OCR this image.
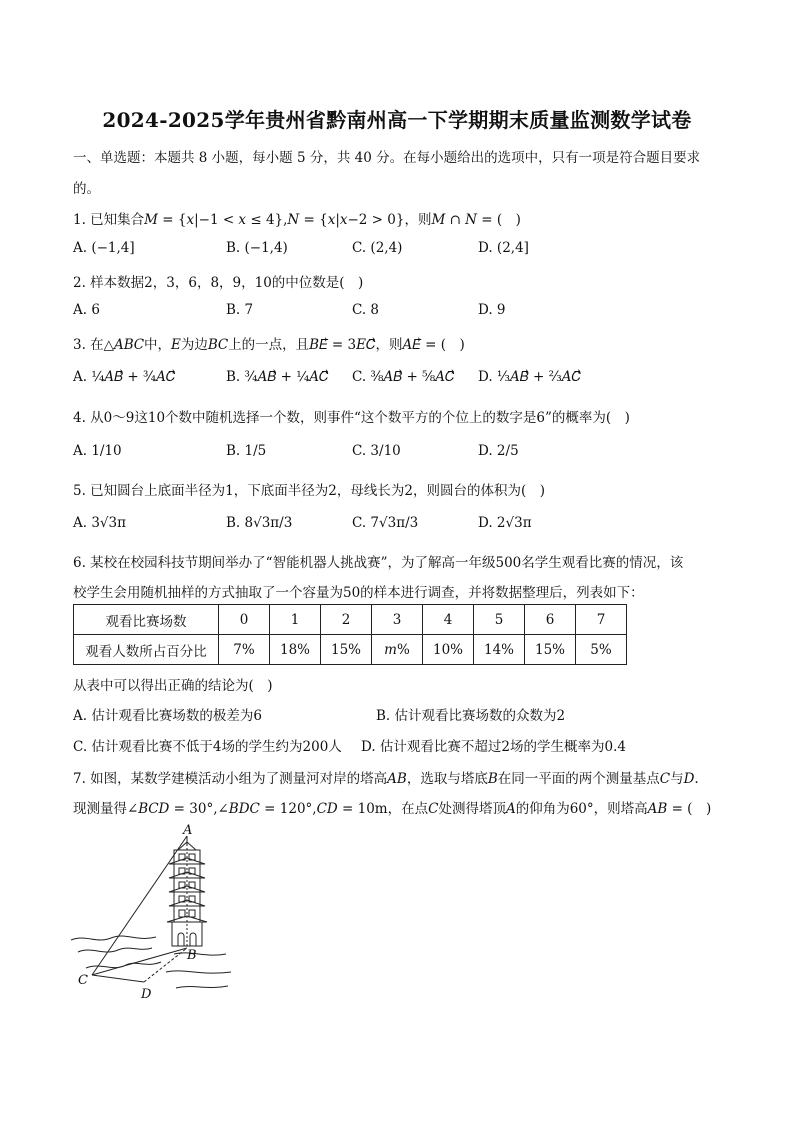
2024-2025学年贵州省黔南州高一下学期期末质量监测数学试卷
一、单选题：本题共 8 小题，每小题 5 分，共 40 分。在每小题给出的选项中，只有一项是符合题目要求
的。
1. 已知集合𝑀 = {𝑥|−1 < 𝑥 ≤ 4},𝑁 = {𝑥|𝑥−2 > 0}，则𝑀 ∩ 𝑁 = (　)
A. (−1,4]	B. (−1,4)	C. (2,4)	D. (2,4]
2. 样本数据2，3，6，8，9，10的中位数是(　)
A. 6	B. 7	C. 8	D. 9
3. 在△𝐴𝐵𝐶中，𝐸为边𝐵𝐶上的一点，且𝐵𝐸⃗ = 3𝐸𝐶⃗，则𝐴𝐸⃗ = (　)
A. ¼𝐴𝐵⃗ + ¾𝐴𝐶⃗	B. ¾𝐴𝐵⃗ + ¼𝐴𝐶⃗ C. ⅜𝐴𝐵⃗ + ⅝𝐴𝐶⃗ D. ⅓𝐴𝐵⃗ + ⅔𝐴𝐶⃗
4. 从0～9这10个数中随机选择一个数，则事件“这个数平方的个位上的数字是6”的概率为(　)
A. 1/10	B. 1/5	C. 3/10	D. 2/5
5. 已知圆台上底面半径为1，下底面半径为2，母线长为2，则圆台的体积为(　)
A. 3√3π	B. 8√3π/3	C. 7√3π/3	D. 2√3π
6. 某校在校园科技节期间举办了“智能机器人挑战赛”，为了解高一年级500名学生观看比赛的情况，该
校学生会用随机抽样的方式抽取了一个容量为50的样本进行调查，并将数据整理后，列表如下：
观看比赛场数	0	1	2	3	4	5	6	7
观看人数所占百分比	7%	18%	15%	𝑚%	10%	14%	15%	5%
从表中可以得出正确的结论为(　)
A. 估计观看比赛场数的极差为6	B. 估计观看比赛场数的众数为2
C. 估计观看比赛不低于4场的学生约为200人 D. 估计观看比赛不超过2场的学生概率为0.4
7. 如图，某数学建模活动小组为了测量河对岸的塔高𝐴𝐵，选取与塔底𝐵在同一平面的两个测量基点𝐶与𝐷.
现测量得∠𝐵𝐶𝐷 = 30°,∠𝐵𝐷𝐶 = 120°,𝐶𝐷 = 10m，在点𝐶处测得塔顶𝐴的仰角为60°，则塔高𝐴𝐵 = (　)
A
B
C
D
